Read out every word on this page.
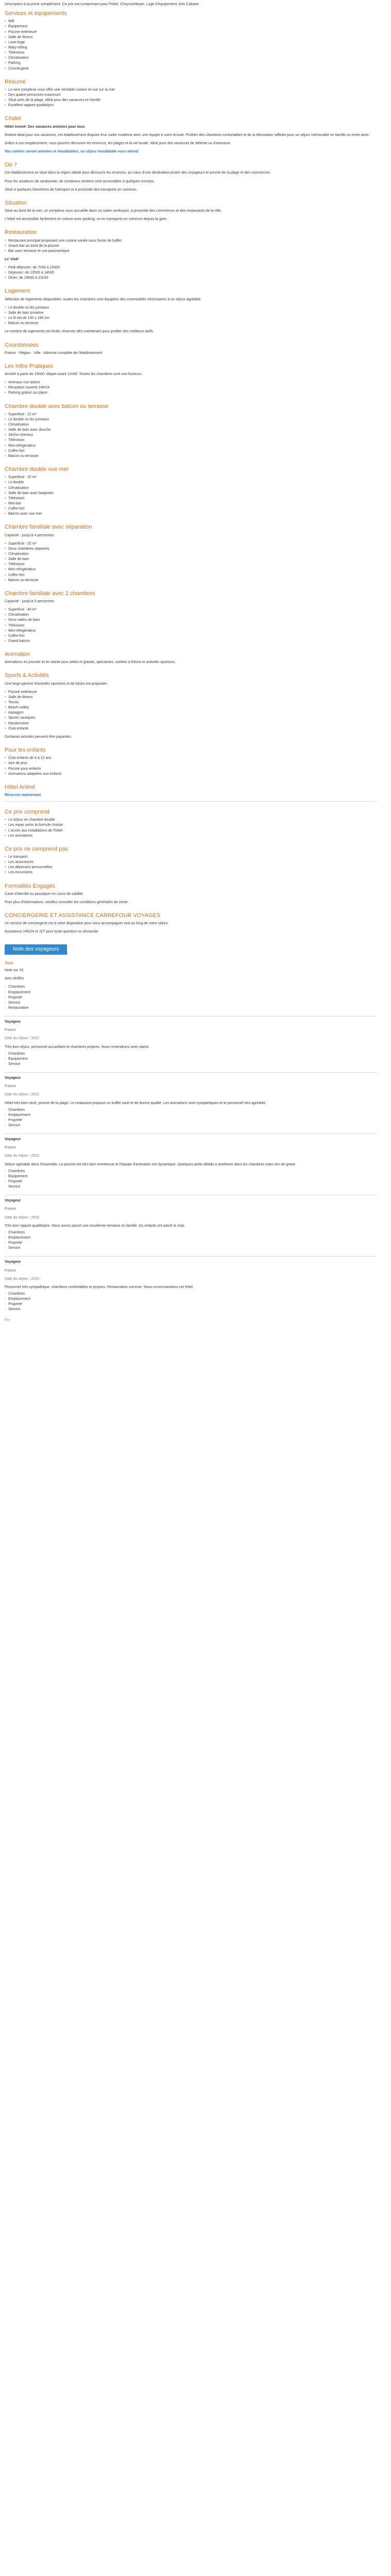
Description à la prime complément. Ce prix est comprenant pour l'hôtel, Cheysserboyer, Luge d'équipement, Arts Cabane

Services et équipements
• Wifi
• Équipement
• Piscine extérieure
• Salle de fitness
• Lave-linge
• Baby-sitting
• Télévision
• Climatisation
• Parking
• Conciergerie
Résumé
• Le seul complexe vous offre une véritable cuisine et vue sur la mer
• Des quatre personnes maximum
• Situé près de la plage, idéal pour des vacances en famille
• Excellent rapport qualité/prix
Chalet

Hôtel Animé: Des vacances animées pour tous

Endroit idéal pour vos vacances, cet établissement dispose d'un cadre moderne avec une équipe à votre écoute. Profitez des chambres confortables et de la décoration raffinée pour un séjour mémorable en famille ou entre amis.

Grâce à son emplacement, vous pourrez découvrir les environs, les plages et la vie locale. Idéal pour des vacances de détente ou d'aventure.

Vos soirées seront animées et inoubliables, un séjour inoubliable vous attend.

Où ?

Cet établissement se situe dans la région idéale pour découvrir les environs, au cœur d'une destination prisée des voyageurs et proche de la plage et des commerces.

Pour les amateurs de randonnée, de nombreux sentiers sont accessibles à quelques minutes.

Situé à quelques kilomètres de l'aéroport et à proximité des transports en commun.

Situation

Situé au bord de la mer, ce complexe vous accueille dans un cadre verdoyant, à proximité des commerces et des restaurants de la ville.

L'hôtel est accessible facilement en voiture avec parking, ou en transports en commun depuis la gare.

Restauration
• Restaurant principal proposant une cuisine variée sous forme de buffet
• Snack-bar au bord de la piscine
• Bar avec terrasse et vue panoramique

Le 'club'

• Petit-déjeuner: de 7h30 à 10h00
• Déjeuner: de 12h00 à 14h00
• Dîner: de 19h00 à 21h30
Logement

Sélection de logements disponibles, toutes les chambres sont équipées des commodités nécessaires à un séjour agréable.

• Lit double ou lits jumeaux
• Salle de bain privative
• Le lit est de 140 x 190 cm
• Balcon ou terrasse

Le nombre de logements est limité, réservez dès maintenant pour profiter des meilleurs tarifs.

Coordonnées

France · Région · Ville · Adresse complète de l'établissement

Les Infos Pratiques

Arrivée à partir de 15h00, départ avant 11h00. Toutes les chambres sont non-fumeurs.

• Animaux non admis
• Réception ouverte 24h/24
• Parking gratuit sur place
Chambre double avec balcon ou terrasse
• Superficie : 22 m²
• Lit double ou lits jumeaux
• Climatisation
• Salle de bain avec douche
• Sèche-cheveux
• Télévision
• Mini-réfrigérateur
• Coffre-fort
• Balcon ou terrasse
Chambre double vue mer
• Superficie : 25 m²
• Lit double
• Climatisation
• Salle de bain avec baignoire
• Télévision
• Mini-bar
• Coffre-fort
• Balcon avec vue mer
Chambre familiale avec séparation

Capacité : jusqu'à 4 personnes

• Superficie : 32 m²
• Deux chambres séparées
• Climatisation
• Salle de bain
• Télévision
• Mini-réfrigérateur
• Coffre-fort
• Balcon ou terrasse
Chambre familiale avec 2 chambres

Capacité : jusqu'à 5 personnes

• Superficie : 40 m²
• Climatisation
• Deux salles de bain
• Télévision
• Mini-réfrigérateur
• Coffre-fort
• Grand balcon
Animation

Animations en journée et en soirée pour petits et grands, spectacles, soirées à thème et activités sportives.

Sports & Activités

Une large gamme d'activités sportives et de loisirs est proposée :

• Piscine extérieure
• Salle de fitness
• Tennis
• Beach-volley
• Aquagym
• Sports nautiques
• Randonnées
• Club enfants

Certaines activités peuvent être payantes.

Pour les enfants
• Club enfants de 4 à 12 ans
• Aire de jeux
• Piscine pour enfants
• Animations adaptées aux enfants
Hôtel Animé

Réservez maintenant

Ce prix comprend
• Le séjour en chambre double
• Les repas selon la formule choisie
• L'accès aux installations de l'hôtel
• Les animations
Ce prix ne comprend pas
• Le transport
• Les assurances
• Les dépenses personnelles
• Les excursions
Formalités Engagés

Carte d'identité ou passeport en cours de validité.

Pour plus d'informations, veuillez consulter les conditions générales de vente.

CONCIERGERIE ET ASSISTANCE CARREFOUR VOYAGES

Un service de conciergerie est à votre disposition pour vous accompagner tout au long de votre séjour.

Assistance 24h/24 et 7j/7 pour toute question ou demande.

Note des voyageurs
Avis

Note sur 10

Avis vérifiés

◦ Chambres
◦ Emplacement
◦ Propreté
◦ Service
◦ Restauration

Voyageur

France

Date du séjour : 2022

Très bon séjour, personnel accueillant et chambres propres. Nous reviendrons avec plaisir.

◦ Chambres
◦ Équipement
◦ Service

Voyageur

France

Date du séjour : 2022

Hôtel très bien situé, proche de la plage. Le restaurant propose un buffet varié et de bonne qualité. Les animations sont sympathiques et le personnel très agréable.

◦ Chambres
◦ Emplacement
◦ Propreté
◦ Service

Voyageur

France

Date du séjour : 2023

Séjour agréable dans l'ensemble. La piscine est très bien entretenue et l'équipe d'animation est dynamique. Quelques petits détails à améliorer dans les chambres mais rien de grave.

◦ Chambres
◦ Équipement
◦ Propreté
◦ Service

Voyageur

France

Date du séjour : 2023

Très bon rapport qualité/prix. Nous avons passé une excellente semaine en famille, les enfants ont adoré le club.

◦ Chambres
◦ Emplacement
◦ Propreté
◦ Service

Voyageur

France

Date du séjour : 2023

Personnel très sympathique, chambres confortables et propres. Restauration correcte. Nous recommandons cet hôtel.

◦ Chambres
◦ Emplacement
◦ Propreté
◦ Service

Fin
